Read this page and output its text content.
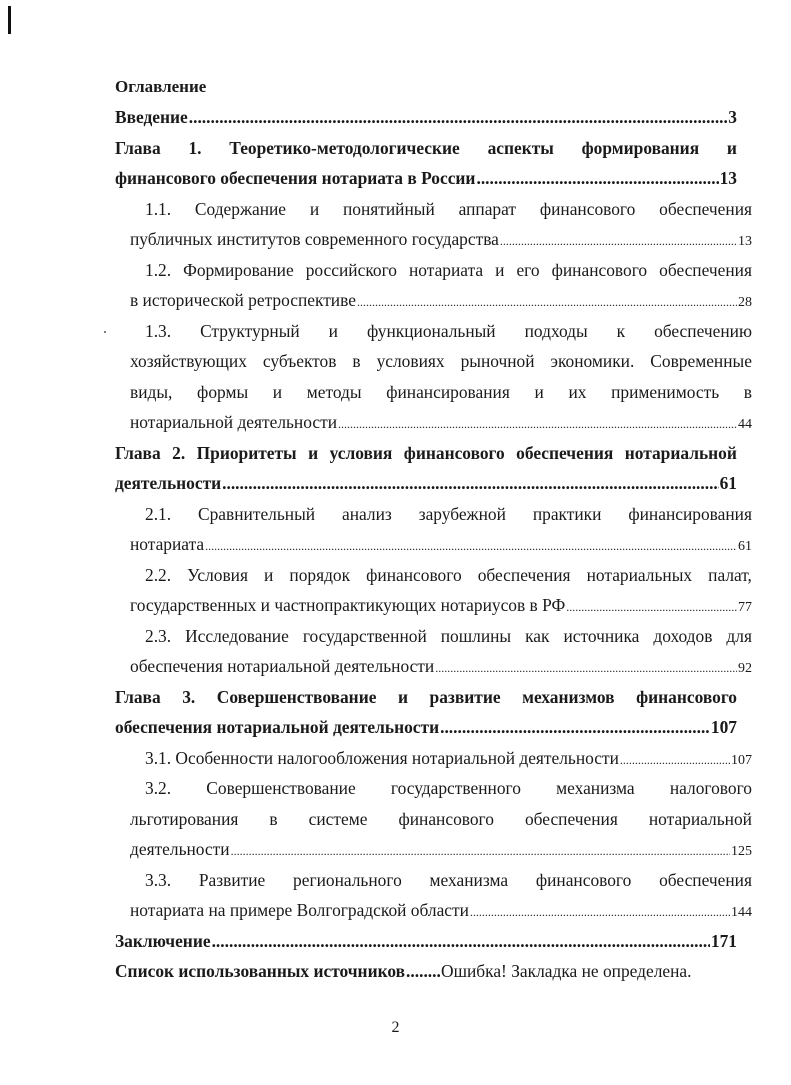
Оглавление
Введение .....	3
Глава 1. Теоретико-методологические аспекты формирования и
финансового обеспечения нотариата в России .....	13
1.1. Содержание и понятийный аппарат финансового обеспечения
публичных институтов современного государства .....	13
1.2. Формирование российского нотариата и его финансового обеспечения
в исторической ретроспективе .....	28
1.3. Структурный и функциональный подходы к обеспечению
хозяйствующих субъектов в условиях рыночной экономики. Современные
виды, формы и методы финансирования и их применимость в
нотариальной деятельности .....	44
Глава 2. Приоритеты и условия финансового обеспечения нотариальной
деятельности .....	61
2.1. Сравнительный анализ зарубежной практики финансирования
нотариата .....	61
2.2. Условия и порядок финансового обеспечения нотариальных палат,
государственных и частнопрактикующих нотариусов в РФ .....	77
2.3. Исследование государственной пошлины как источника доходов для
обеспечения нотариальной деятельности .....	92
Глава 3. Совершенствование и развитие механизмов финансового
обеспечения нотариальной деятельности .....	107
3.1. Особенности налогообложения нотариальной деятельности .....	107
3.2. Совершенствование государственного механизма налогового
льготирования в системе финансового обеспечения нотариальной
деятельности .....	125
3.3. Развитие регионального механизма финансового обеспечения
нотариата на примере Волгоградской области .....	144
Заключение .....	171
Список использованных источников ..... Ошибка! Закладка не определена.
2
